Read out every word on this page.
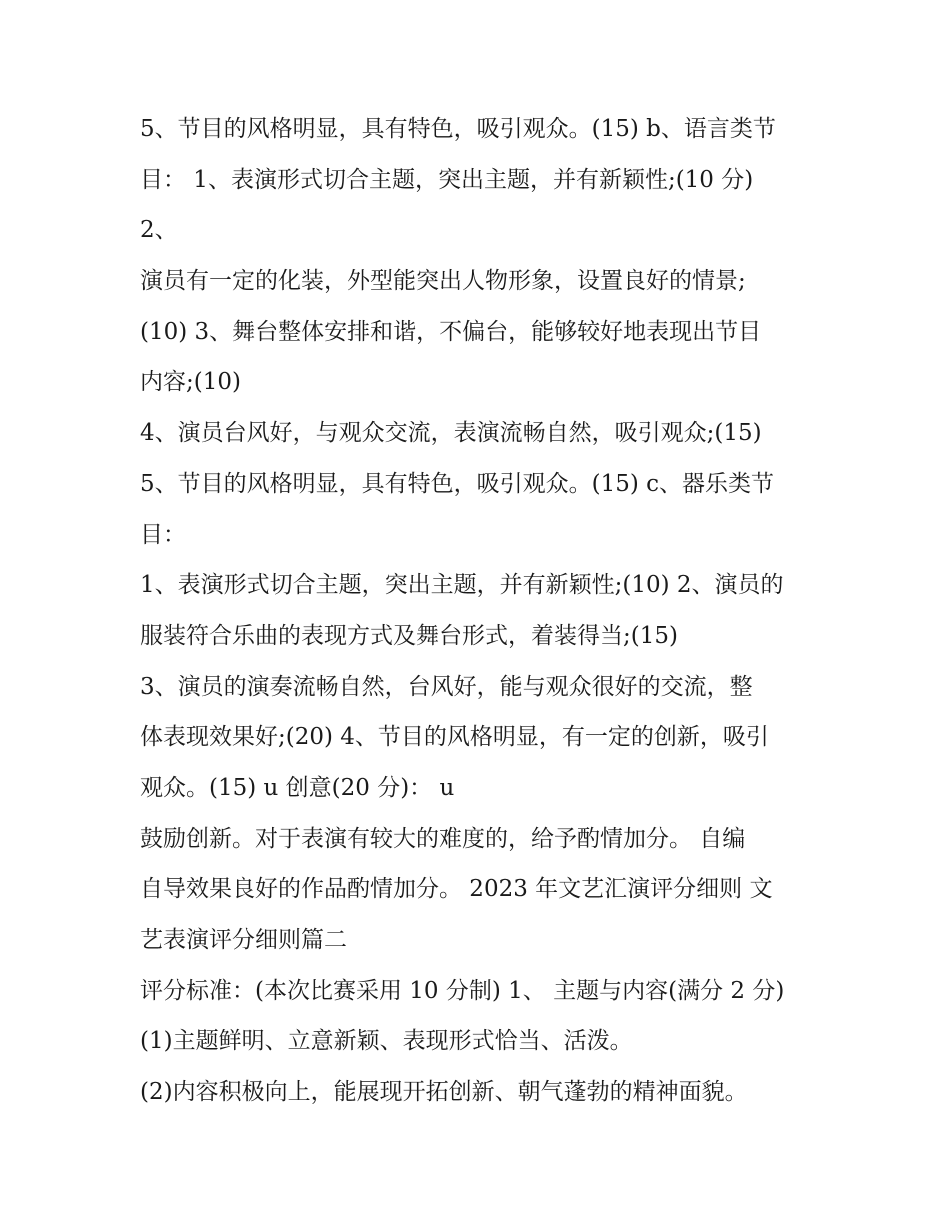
5、节目的风格明显，具有特色，吸引观众。(15) b、语言类节
目： 1、表演形式切合主题，突出主题，并有新颖性;(10 分)
2、
演员有一定的化装，外型能突出人物形象，设置良好的情景;
(10) 3、舞台整体安排和谐，不偏台，能够较好地表现出节目
内容;(10)
4、演员台风好，与观众交流，表演流畅自然，吸引观众;(15)
5、节目的风格明显，具有特色，吸引观众。(15) c、器乐类节
目：
1、表演形式切合主题，突出主题，并有新颖性;(10) 2、演员的
服装符合乐曲的表现方式及舞台形式，着装得当;(15)
3、演员的演奏流畅自然，台风好，能与观众很好的交流，整
体表现效果好;(20) 4、节目的风格明显，有一定的创新，吸引
观众。(15) u 创意(20 分)： u
鼓励创新。对于表演有较大的难度的，给予酌情加分。 自编
自导效果良好的作品酌情加分。 2023 年文艺汇演评分细则 文
艺表演评分细则篇二
评分标准：(本次比赛采用 10 分制) 1、 主题与内容(满分 2 分)
(1)主题鲜明、立意新颖、表现形式恰当、活泼。
(2)内容积极向上，能展现开拓创新、朝气蓬勃的精神面貌。
